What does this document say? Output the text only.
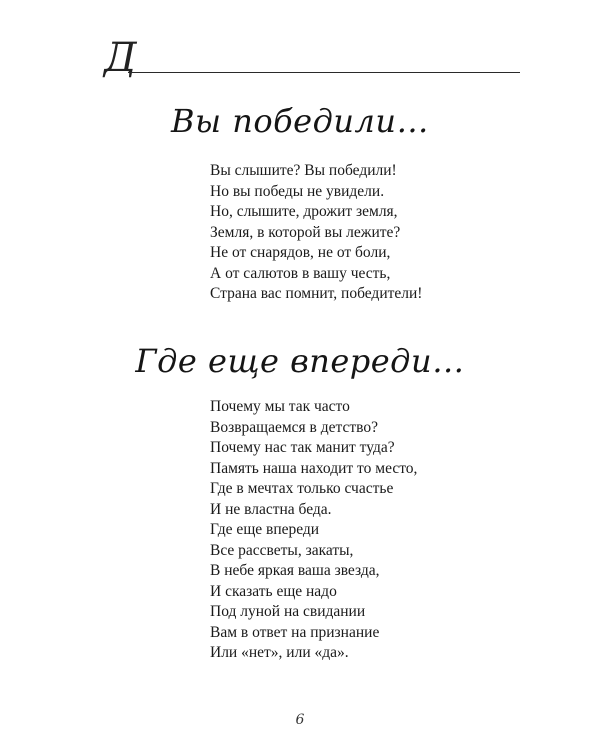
Д
Вы победили…
Вы слышите? Вы победили!
Но вы победы не увидели.
Но, слышите, дрожит земля,
Земля, в которой вы лежите?
Не от снарядов, не от боли,
А от салютов в вашу честь,
Страна вас помнит, победители!
Где еще впереди…
Почему мы так часто
Возвращаемся в детство?
Почему нас так манит туда?
Память наша находит то место,
Где в мечтах только счастье
И не властна беда.
Где еще впереди
Все рассветы, закаты,
В небе яркая ваша звезда,
И сказать еще надо
Под луной на свидании
Вам в ответ на признание
Или «нет», или «да».
6
